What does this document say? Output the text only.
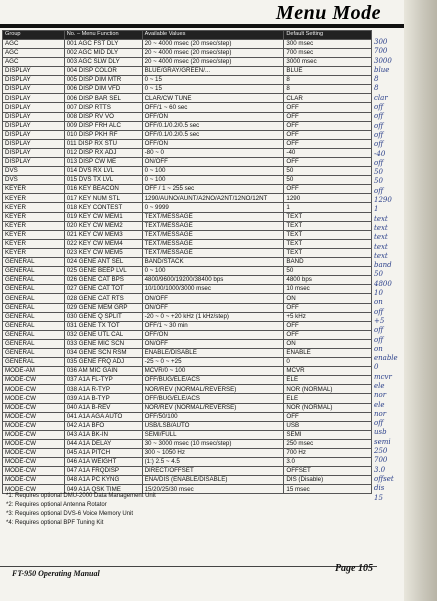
Menu Mode
Group	No. – Menu Function	Available Values	Default Setting
AGC	001 AGC FST DLY	20 ~ 4000 msec (20 msec/step)	300 msec
AGC	002 AGC MID DLY	20 ~ 4000 msec (20 msec/step)	700 msec
AGC	003 AGC SLW DLY	20 ~ 4000 msec (20 msec/step)	3000 msec
DISPLAY	004 DISP COLOR	BLUE/GRAY/GREEN/...	BLUE
DISPLAY	005 DISP DIM MTR	0 ~ 15	8
DISPLAY	006 DISP DIM VFD	0 ~ 15	8
DISPLAY	006 DISP BAR SEL	CLAR/CW TUNE	CLAR
DISPLAY	007 DISP RTTS	OFF/1 ~ 60 sec	OFF
DISPLAY	008 DISP RV VO	OFF/ON	OFF
DISPLAY	009 DISP FRH ALC	OFF/0.1/0.2/0.5 sec	OFF
DISPLAY	010 DISP PKH RF	OFF/0.1/0.2/0.5 sec	OFF
DISPLAY	011 DISP RX STU	OFF/ON	OFF
DISPLAY	012 DISP RX ADJ	-80 ~ 0	-40
DISPLAY	013 DISP CW ME	ON/OFF	OFF
DVS	014 DVS RX LVL	0 ~ 100	50
DVS	015 DVS TX LVL	0 ~ 100	50
KEYER	016 KEY BEACON	OFF / 1 ~ 255 sec	OFF
KEYER	017 KEY NUM STL	1290/AUNO/AUNT/A2NO/A2NT/12NO/12NT	1290
KEYER	018 KEY CONTEST	0 ~ 9999	1
KEYER	019 KEY CW MEM1	TEXT/MESSAGE	TEXT
KEYER	020 KEY CW MEM2	TEXT/MESSAGE	TEXT
KEYER	021 KEY CW MEM3	TEXT/MESSAGE	TEXT
KEYER	022 KEY CW MEM4	TEXT/MESSAGE	TEXT
KEYER	023 KEY CW MEM5	TEXT/MESSAGE	TEXT
GENERAL	024 GENE ANT SEL	BAND/STACK	BAND
GENERAL	025 GENE BEEP LVL	0 ~ 100	50
GENERAL	026 GENE CAT BPS	4800/9600/19200/38400 bps	4800 bps
GENERAL	027 GENE CAT TOT	10/100/1000/3000 msec	10 msec
GENERAL	028 GENE CAT RTS	ON/OFF	ON
GENERAL	029 GENE MEM GRP	ON/OFF	OFF
GENERAL	030 GENE Q SPLIT	-20 ~ 0 ~ +20 kHz (1 kHz/step)	+5 kHz
GENERAL	031 GENE TX TOT	OFF/1 ~ 30 min	OFF
GENERAL	032 GENE UTL CAL	OFF/ON	OFF
GENERAL	033 GENE MIC SCN	ON/OFF	ON
GENERAL	034 GENE SCN RSM	ENABLE/DISABLE	ENABLE
GENERAL	035 GENE FRQ ADJ	-25 ~ 0 ~ +25	0
MODE-AM	036 AM MIC GAIN	MCVR/0 ~ 100	MCVR
MODE-CW	037 A1A FL-TYP	OFF/BUG/ELE/ACS	ELE
MODE-CW	038 A1A R-TYP	NOR/REV (NORMAL/REVERSE)	NOR (NORMAL)
MODE-CW	039 A1A B-TYP	OFF/BUG/ELE/ACS	ELE
MODE-CW	040 A1A B-REV	NOR/REV (NORMAL/REVERSE)	NOR (NORMAL)
MODE-CW	041 A1A AGA AUTO	OFF/50/100	OFF
MODE-CW	042 A1A BFO	USB/LSB/AUTO	USB
MODE-CW	043 A1A BK-IN	SEMI/FULL	SEMI
MODE-CW	044 A1A DELAY	30 ~ 3000 msec (10 msec/step)	250 msec
MODE-CW	045 A1A PITCH	300 ~ 1050 Hz	700 Hz
MODE-CW	046 A1A WEIGHT	(1:) 2.5 ~ 4.5	3.0
MODE-CW	047 A1A FRQDISP	DIRECT/OFFSET	OFFSET
MODE-CW	048 A1A PC KYNG	ENA/DIS (ENABLE/DISABLE)	DIS (Disable)
MODE-CW	049 A1A QSK TIME	15/20/25/30 msec	15 msec
300
700
3000
blue
8
8
clar
off
off
off
off
off
-40
off
50
50
off
1290
1
text
text
text
text
text
band
50
4800
10
on
off
+5
off
off
on
enable
0
mcvr
ele
nor
ele
nor
off
usb
semi
250
700
3.0
offset
dis
15
*1: Requires optional DMU-2000 Data Management Unit
*2: Requires optional Antenna Rotator
*3: Requires optional DVS-6 Voice Memory Unit
*4: Requires optional BPF Tuning Kit
FT-950 Operating Manual	Page 105
